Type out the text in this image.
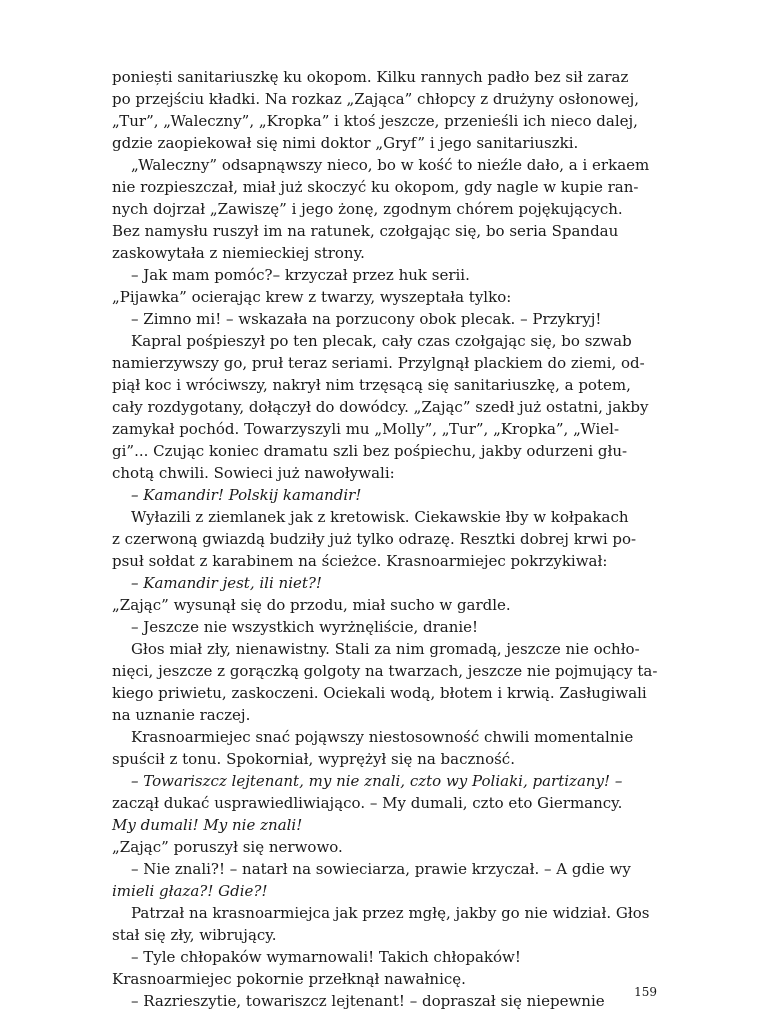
poniești sanitariuszkę ku okopom. Kilku rannych padło bez sił zaraz
po przejściu kładki. Na rozkaz „Zająca” chłopcy z drużyny osłonowej,
„Tur”, „Waleczny”, „Kropka” i ktoś jeszcze, przenieśli ich nieco dalej,
gdzie zaopiekował się nimi doktor „Gryf” i jego sanitariuszki.
„Waleczny” odsapnąwszy nieco, bo w kość to nieźle dało, a i erkaem
nie rozpieszczał, miał już skoczyć ku okopom, gdy nagle w kupie ran-
nych dojrzał „Zawiszę” i jego żonę, zgodnym chórem pojękujących.
Bez namysłu ruszył im na ratunek, czołgając się, bo seria Spandau
zaskowytała z niemieckiej strony.
– Jak mam pomóc?– krzyczał przez huk serii.
„Pijawka” ocierając krew z twarzy, wyszeptała tylko:
– Zimno mi! – wskazała na porzucony obok plecak. – Przykryj!
Kapral pośpieszył po ten plecak, cały czas czołgając się, bo szwab
namierzywszy go, pruł teraz seriami. Przylgnął plackiem do ziemi, od-
piął koc i wróciwszy, nakrył nim trzęsącą się sanitariuszkę, a potem,
cały rozdygotany, dołączył do dowódcy. „Zając” szedł już ostatni, jakby
zamykał pochód. Towarzyszyli mu „Molly”, „Tur”, „Kropka”, „Wiel-
gi”... Czując koniec dramatu szli bez pośpiechu, jakby odurzeni głu-
chotą chwili. Sowieci już nawoływali:
– Kamandir! Polskij kamandir!
Wyłazili z ziemlanek jak z kretowisk. Ciekawskie łby w kołpakach
z czerwoną gwiazdą budziły już tylko odrazę. Resztki dobrej krwi po-
psuł sołdat z karabinem na ścieżce. Krasnoarmiejec pokrzykiwał:
– Kamandir jest, ili niet?!
„Zając” wysunął się do przodu, miał sucho w gardle.
– Jeszcze nie wszystkich wyrżnęliście, dranie!
Głos miał zły, nienawistny. Stali za nim gromadą, jeszcze nie ochło-
nięci, jeszcze z gorączką golgoty na twarzach, jeszcze nie pojmujący ta-
kiego priwietu, zaskoczeni. Ociekali wodą, błotem i krwią. Zasługiwali
na uznanie raczej.
Krasnoarmiejec snać pojąwszy niestosowność chwili momentalnie
spuścił z tonu. Spokorniał, wyprężył się na baczność.
– Towariszcz lejtenant, my nie znali, czto wy Poliaki, partizany! –
zaczął dukać usprawiedliwiająco. – My dumali, czto eto Giermancy.
My dumali! My nie znali!
„Zając” poruszył się nerwowo.
– Nie znali?! – natarł na sowieciarza, prawie krzyczał. – A gdie wy
imieli głaza?! Gdie?!
Patrzał na krasnoarmiejca jak przez mgłę, jakby go nie widział. Głos
stał się zły, wibrujący.
– Tyle chłopaków wymarnowali! Takich chłopaków!
Krasnoarmiejec pokornie przełknął nawałnicę.
– Razrieszytie, towariszcz lejtenant! – dopraszał się niepewnie	159
